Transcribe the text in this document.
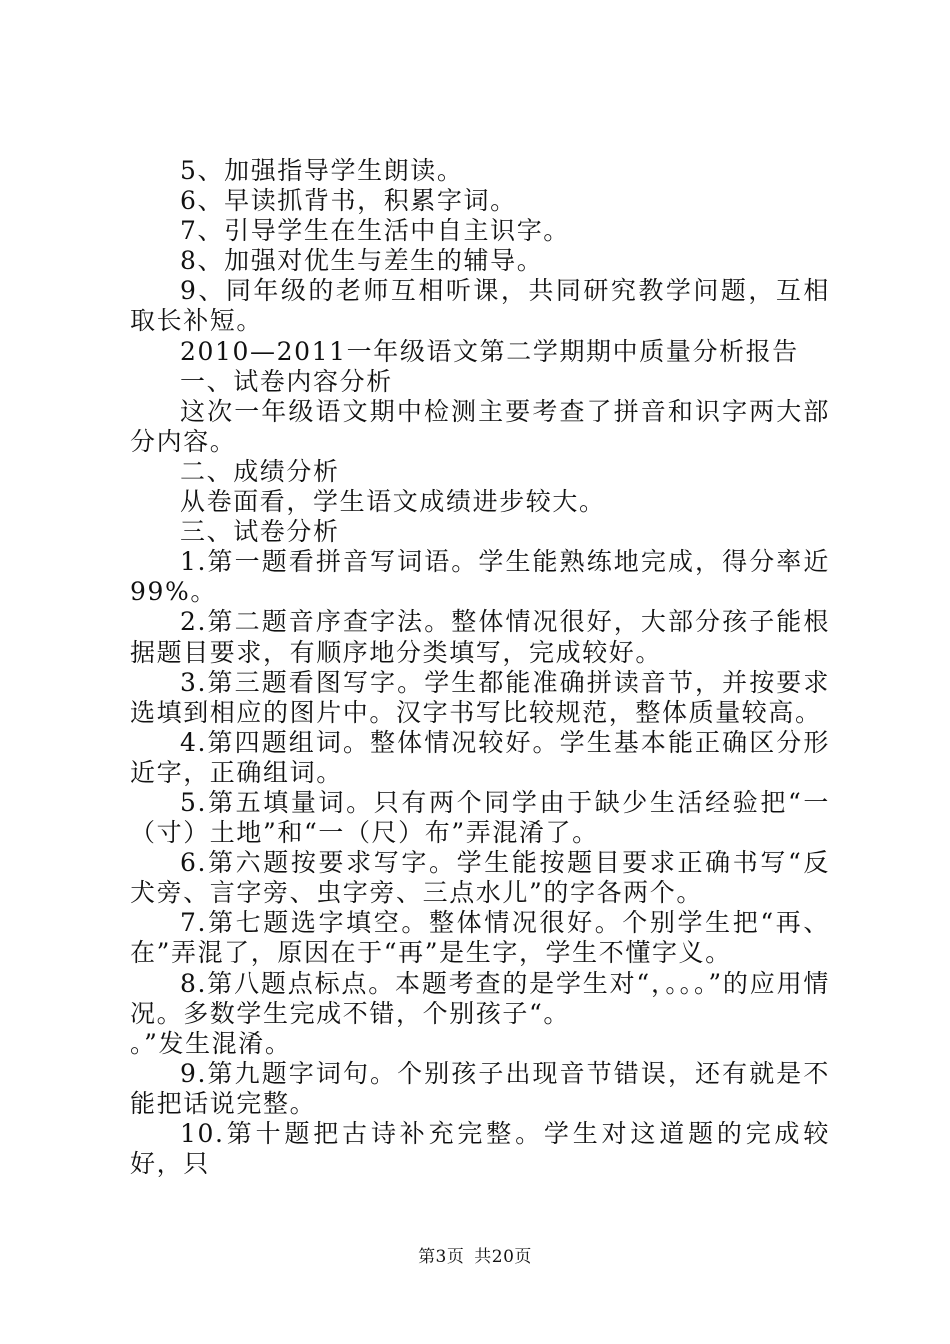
5、加强指导学生朗读。

6、早读抓背书，积累字词。

7、引导学生在生活中自主识字。

8、加强对优生与差生的辅导。

9、同年级的老师互相听课，共同研究教学问题，互相取长补短。

2010—2011一年级语文第二学期期中质量分析报告

一、试卷内容分析

这次一年级语文期中检测主要考查了拼音和识字两大部分内容。

二、成绩分析

从卷面看，学生语文成绩进步较大。

三、试卷分析

1.第一题看拼音写词语。学生能熟练地完成，得分率近99%。

2.第二题音序查字法。整体情况很好，大部分孩子能根据题目要求，有顺序地分类填写，完成较好。

3.第三题看图写字。学生都能准确拼读音节，并按要求选填到相应的图片中。汉字书写比较规范，整体质量较高。

4.第四题组词。整体情况较好。学生基本能正确区分形近字，正确组词。

5.第五填量词。只有两个同学由于缺少生活经验把“一（寸）土地”和“一（尺）布”弄混淆了。

6.第六题按要求写字。学生能按题目要求正确书写“反犬旁、言字旁、虫字旁、三点水儿”的字各两个。

7.第七题选字填空。整体情况很好。个别学生把“再、在”弄混了，原因在于“再”是生字，学生不懂字义。

8.第八题点标点。本题考查的是学生对“，。。。”的应用情况。多数学生完成不错，个别孩子“。

。”发生混淆。

9.第九题字词句。个别孩子出现音节错误，还有就是不能把话说完整。

10.第十题把古诗补充完整。学生对这道题的完成较好，只

第3页 共20页
